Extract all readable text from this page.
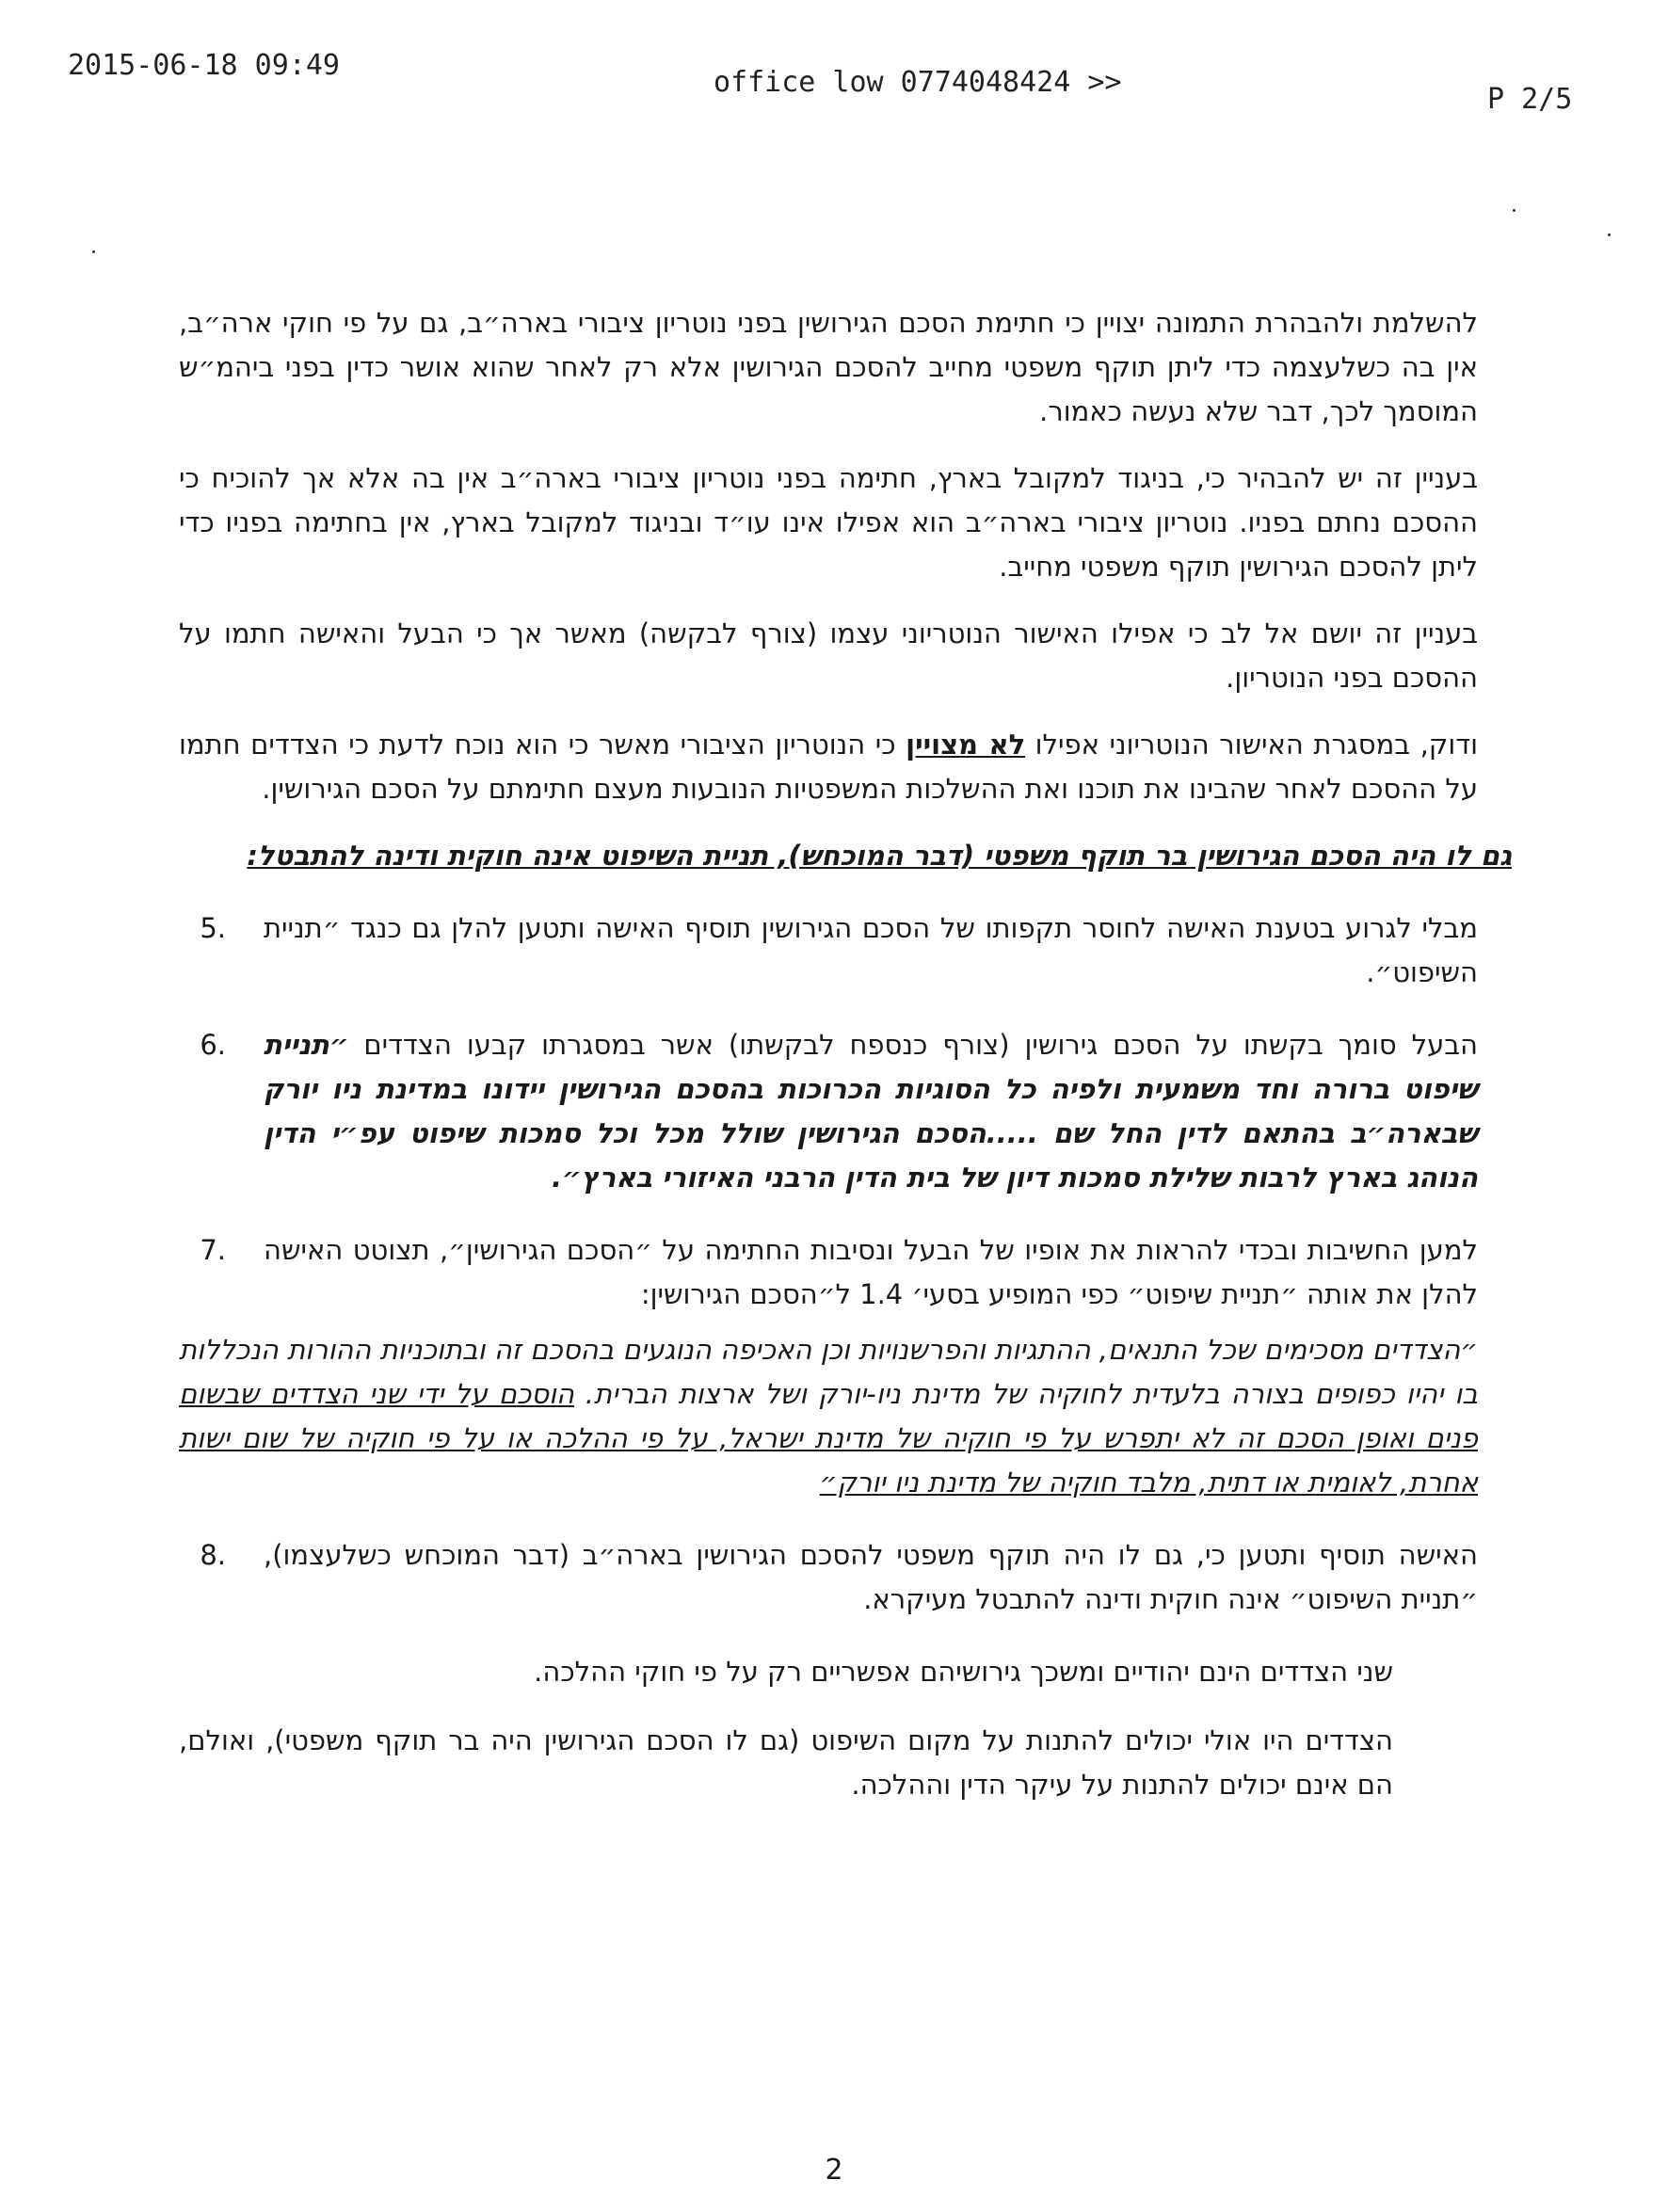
2015-06-18 09:49
office low 0774048424 >>
P 2/5

להשלמת ולהבהרת התמונה יצויין כי חתימת הסכם הגירושין בפני נוטריון ציבורי בארה״ב, גם על פי חוקי ארה״ב, אין בה כשלעצמה כדי ליתן תוקף משפטי מחייב להסכם הגירושין אלא רק לאחר שהוא אושר כדין בפני ביהמ״ש המוסמך לכך, דבר שלא נעשה כאמור.

בעניין זה יש להבהיר כי, בניגוד למקובל בארץ, חתימה בפני נוטריון ציבורי בארה״ב אין בה אלא אך להוכיח כי ההסכם נחתם בפניו. נוטריון ציבורי בארה״ב הוא אפילו אינו עו״ד ובניגוד למקובל בארץ, אין בחתימה בפניו כדי ליתן להסכם הגירושין תוקף משפטי מחייב.

בעניין זה יושם אל לב כי אפילו האישור הנוטריוני עצמו (צורף לבקשה) מאשר אך כי הבעל והאישה חתמו על ההסכם בפני הנוטריון.

ודוק, במסגרת האישור הנוטריוני אפילו לא מצויין כי הנוטריון הציבורי מאשר כי הוא נוכח לדעת כי הצדדים חתמו על ההסכם לאחר שהבינו את תוכנו ואת ההשלכות המשפטיות הנובעות מעצם חתימתם על הסכם הגירושין.

גם לו היה הסכם הגירושין בר תוקף משפטי (דבר המוכחש), תניית השיפוט אינה חוקית ודינה להתבטל:

מבלי לגרוע בטענת האישה לחוסר תקפותו של הסכם הגירושין תוסיף האישה ותטען להלן גם כנגד ״תניית השיפוט״.
.5
הבעל סומך בקשתו על הסכם גירושין (צורף כנספח לבקשתו) אשר במסגרתו קבעו הצדדים ״תניית שיפוט ברורה וחד משמעית ולפיה כל הסוגיות הכרוכות בהסכם הגירושין יידונו במדינת ניו יורק שבארה״ב בהתאם לדין החל שם .....הסכם הגירושין שולל מכל וכל סמכות שיפוט עפ״י הדין הנוהג בארץ לרבות שלילת סמכות דיון של בית הדין הרבני האיזורי בארץ״.
.6
למען החשיבות ובכדי להראות את אופיו של הבעל ונסיבות החתימה על ״הסכם הגירושין״, תצוטט האישה להלן את אותה ״תניית שיפוט״ כפי המופיע בסעי׳ 1.4 ל״הסכם הגירושין:
.7

״הצדדים מסכימים שכל התנאים, ההתגיות והפרשנויות וכן האכיפה הנוגעים בהסכם זה ובתוכניות ההורות הנכללות בו יהיו כפופים בצורה בלעדית לחוקיה של מדינת ניו-יורק ושל ארצות הברית. הוסכם על ידי שני הצדדים שבשום פנים ואופן הסכם זה לא יתפרש על פי חוקיה של מדינת ישראל, על פי ההלכה או על פי חוקיה של שום ישות אחרת, לאומית או דתית, מלבד חוקיה של מדינת ניו יורק״

האישה תוסיף ותטען כי, גם לו היה תוקף משפטי להסכם הגירושין בארה״ב (דבר המוכחש כשלעצמו), ״תניית השיפוט״ אינה חוקית ודינה להתבטל מעיקרא.
.8

שני הצדדים הינם יהודיים ומשכך גירושיהם אפשריים רק על פי חוקי ההלכה.

הצדדים היו אולי יכולים להתנות על מקום השיפוט (גם לו הסכם הגירושין היה בר תוקף משפטי), ואולם, הם אינם יכולים להתנות על עיקר הדין וההלכה.

2
